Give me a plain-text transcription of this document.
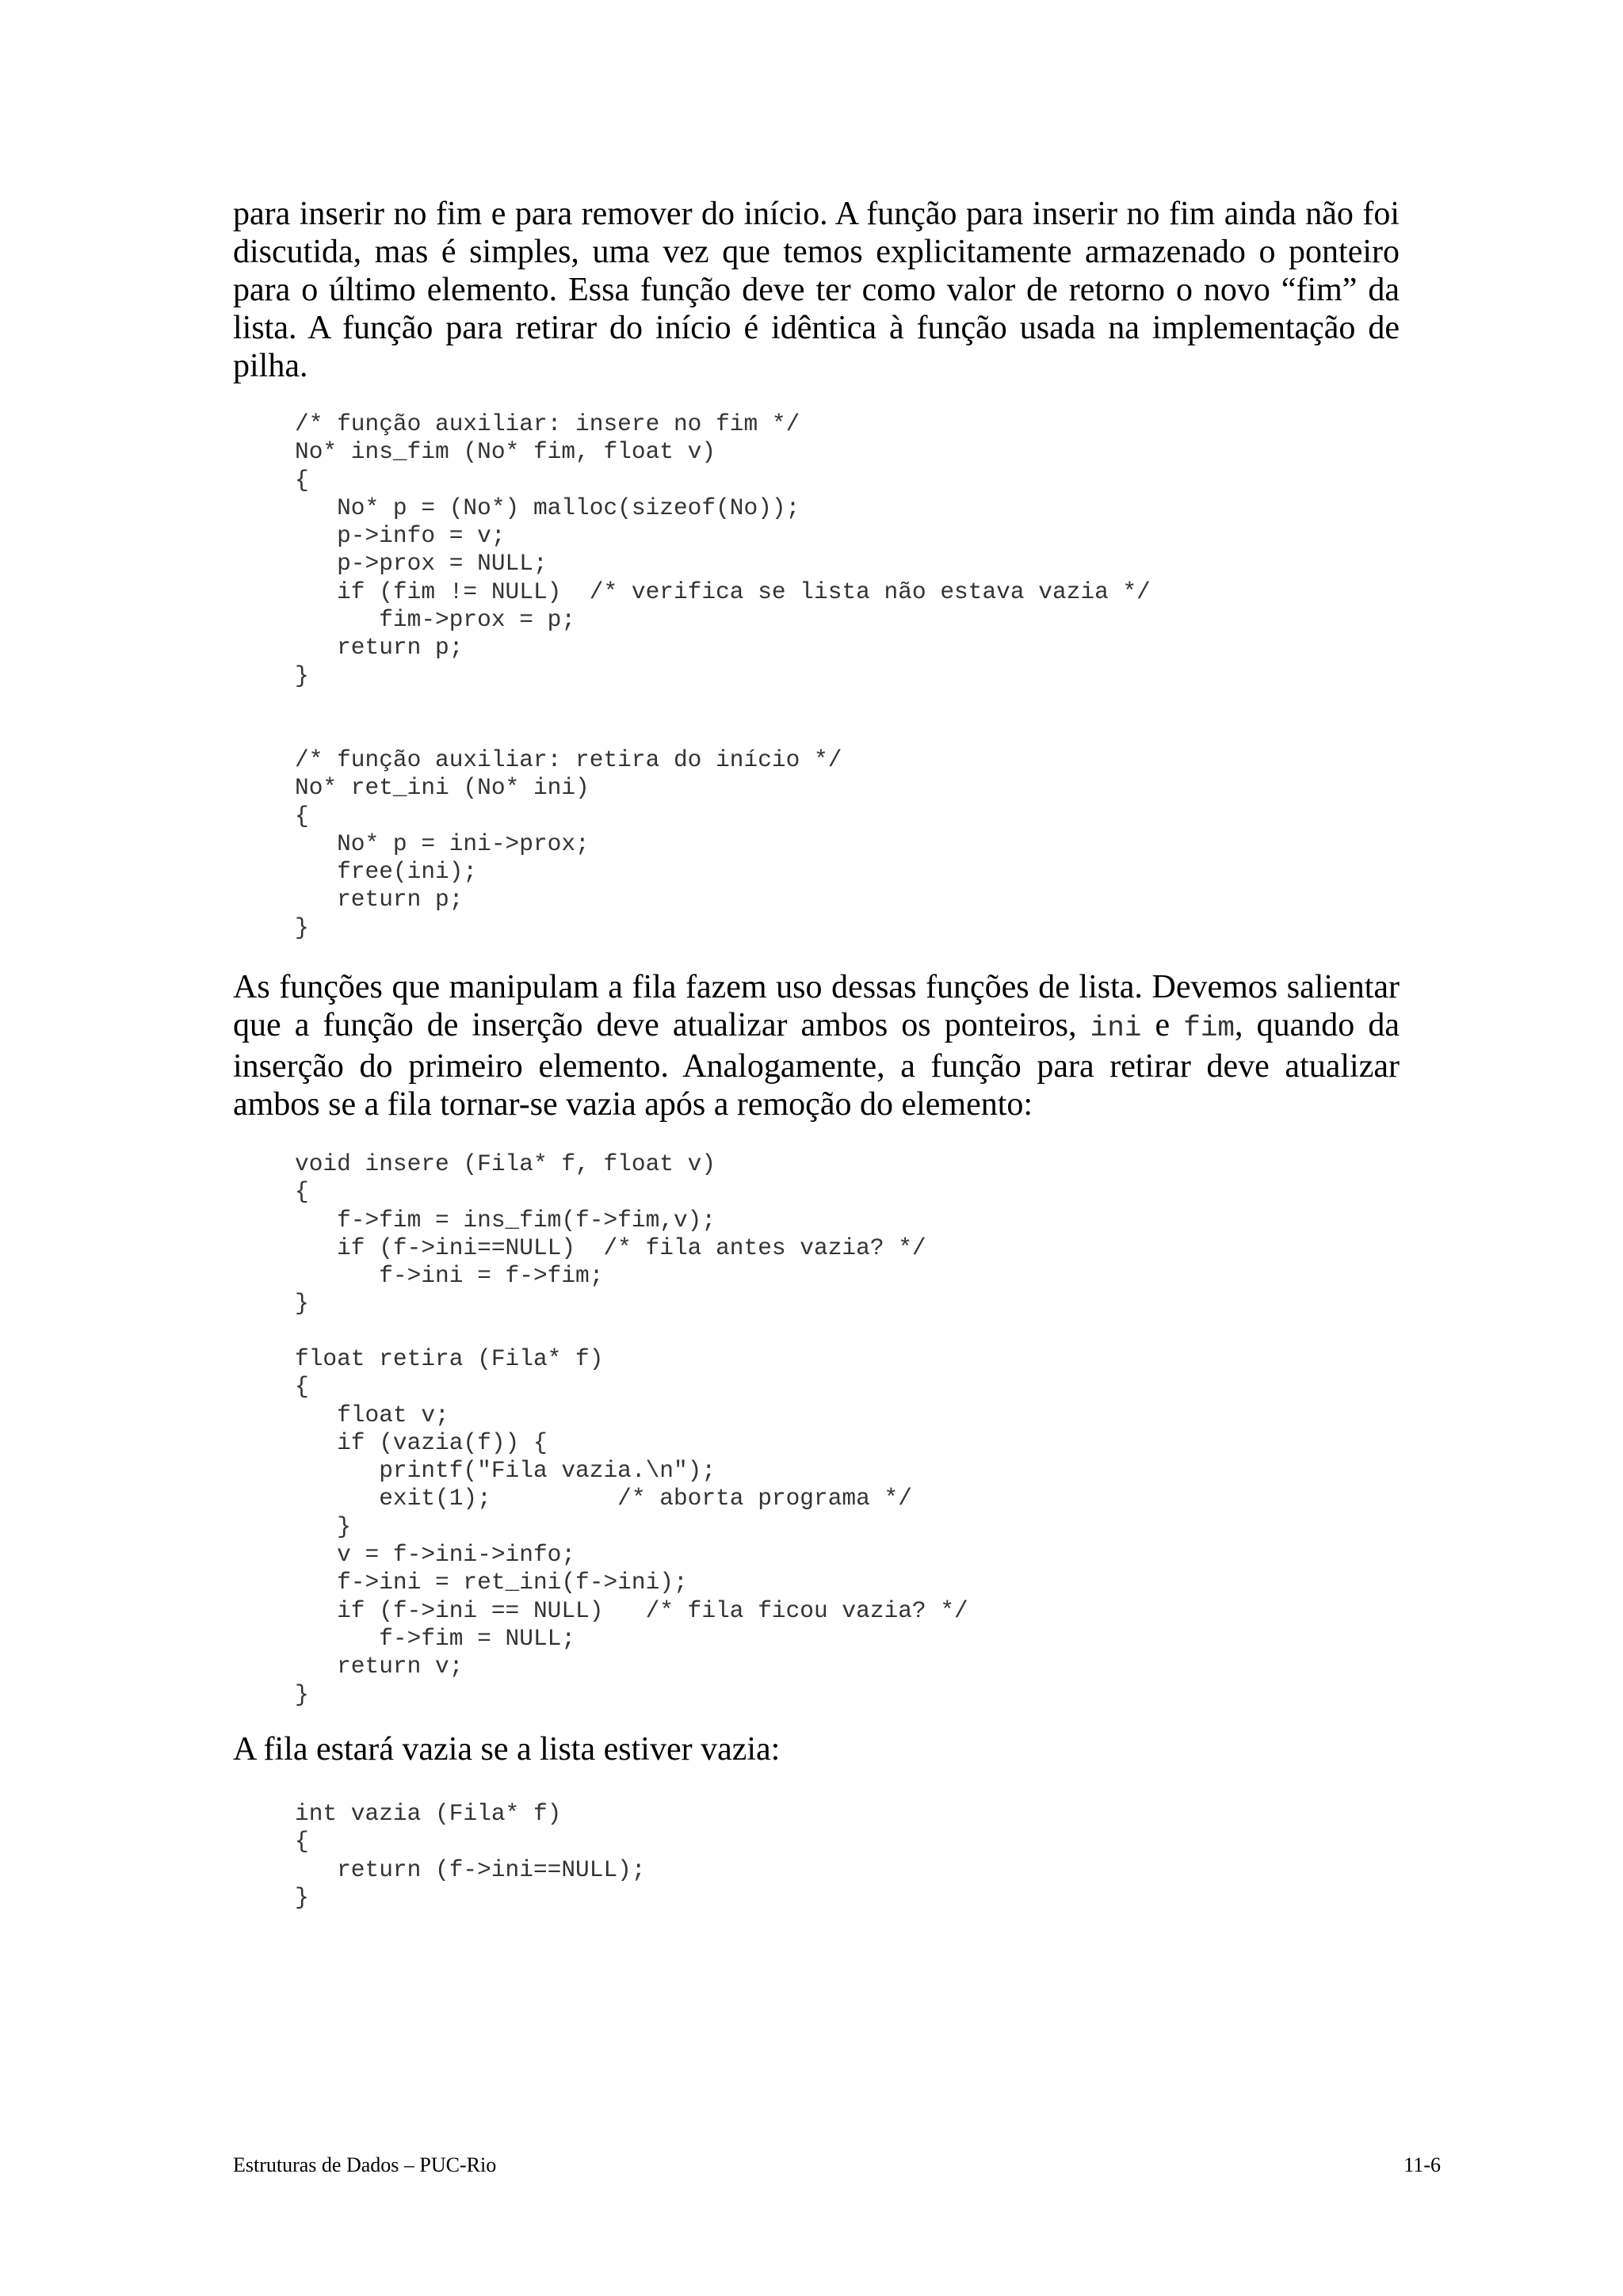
para inserir no fim e para remover do início. A função para inserir no fim ainda não foi
discutida, mas é simples, uma vez que temos explicitamente armazenado o ponteiro
para o último elemento. Essa função deve ter como valor de retorno o novo “fim” da
lista. A função para retirar do início é idêntica à função usada na implementação de
pilha.
/* função auxiliar: insere no fim */
No* ins_fim (No* fim, float v)
{
No* p = (No*) malloc(sizeof(No));
p->info = v;
p->prox = NULL;
if (fim != NULL)  /* verifica se lista não estava vazia */
fim->prox = p;
return p;
}
/* função auxiliar: retira do início */
No* ret_ini (No* ini)
{
No* p = ini->prox;
free(ini);
return p;
}
As funções que manipulam a fila fazem uso dessas funções de lista. Devemos salientar
que a função de inserção deve atualizar ambos os ponteiros, ini e fim, quando da
inserção do primeiro elemento. Analogamente, a função para retirar deve atualizar
ambos se a fila tornar-se vazia após a remoção do elemento:
void insere (Fila* f, float v)
{
f->fim = ins_fim(f->fim,v);
if (f->ini==NULL)  /* fila antes vazia? */
f->ini = f->fim;
}
float retira (Fila* f)
{
float v;
if (vazia(f)) {
printf("Fila vazia.\n");
exit(1);         /* aborta programa */
}
v = f->ini->info;
f->ini = ret_ini(f->ini);
if (f->ini == NULL)   /* fila ficou vazia? */
f->fim = NULL;
return v;
}
A fila estará vazia se a lista estiver vazia:
int vazia (Fila* f)
{
return (f->ini==NULL);
}
Estruturas de Dados – PUC-Rio	11-6
